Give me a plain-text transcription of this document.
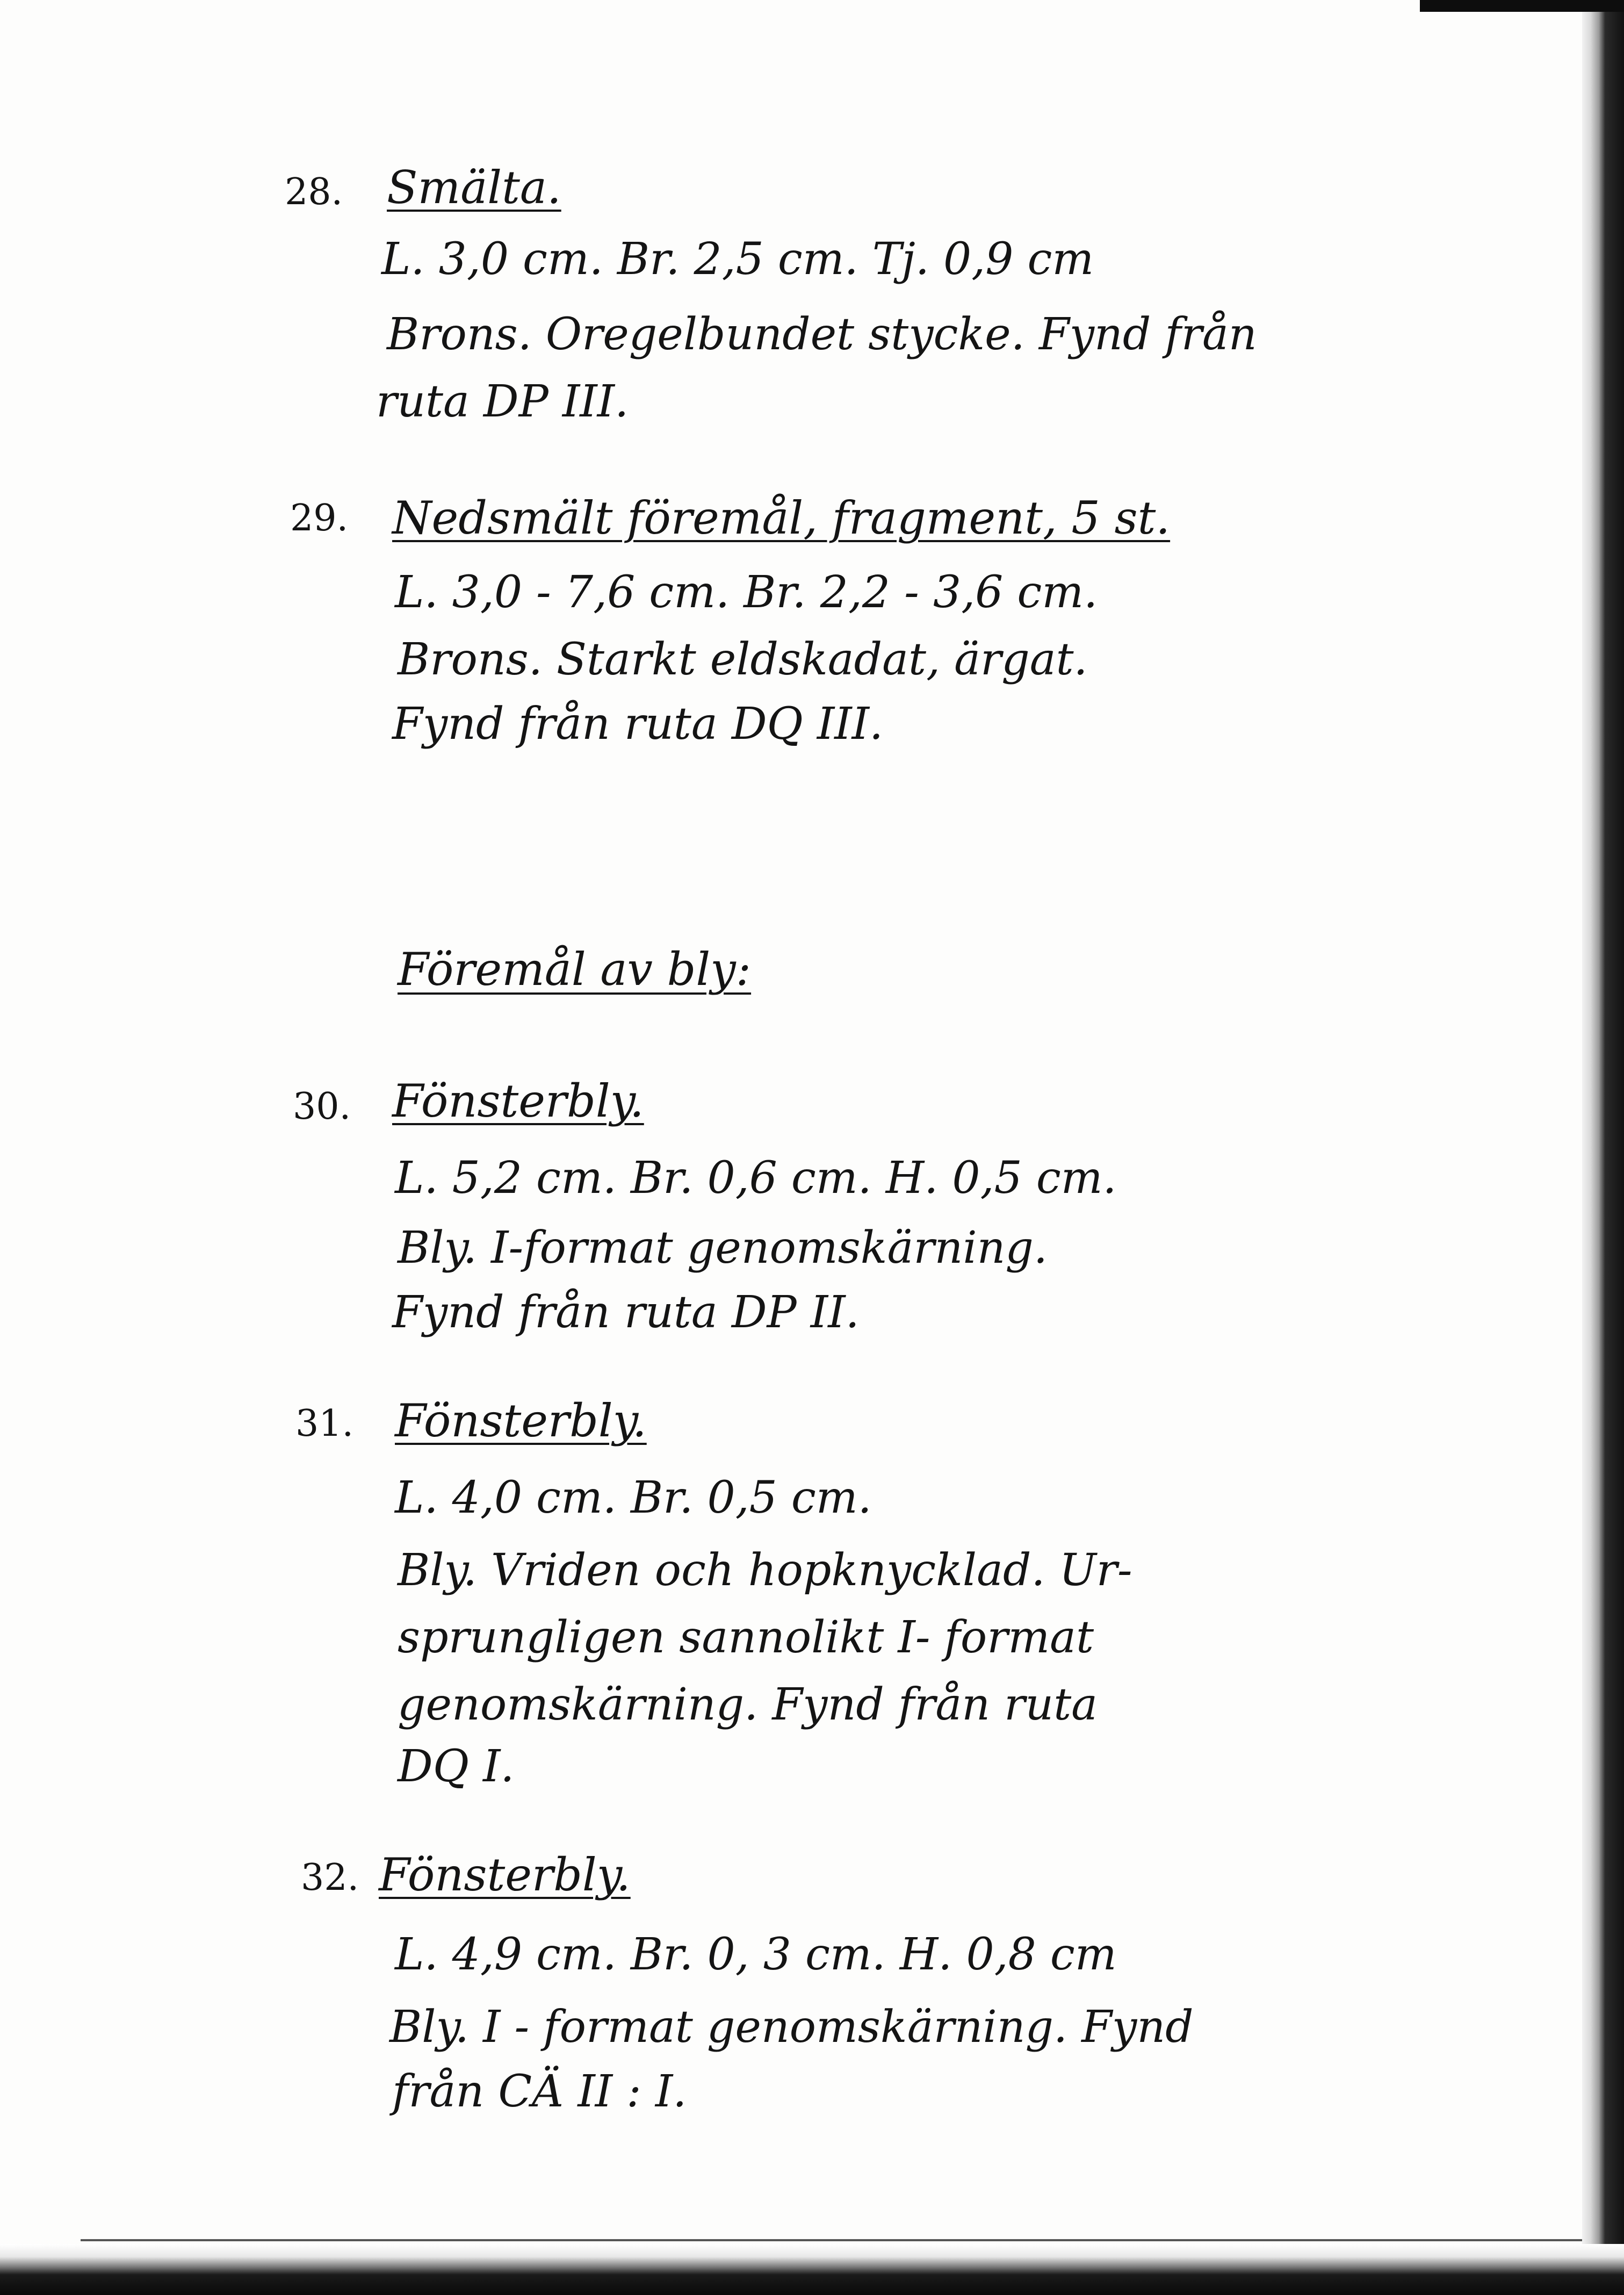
28. Smälta.
L. 3,0 cm. Br. 2,5 cm. Tj. 0,9 cm
Brons. Oregelbundet stycke. Fynd från
ruta DP III.
29. Nedsmält föremål, fragment, 5 st.
L. 3,0 - 7,6 cm. Br. 2,2 - 3,6 cm.
Brons. Starkt eldskadat, ärgat.
Fynd från ruta DQ III.
Föremål av bly:
30. Fönsterbly.
L. 5,2 cm. Br. 0,6 cm. H. 0,5 cm.
Bly. I-format genomskärning.
Fynd från ruta DP II.
31. Fönsterbly.
L. 4,0 cm. Br. 0,5 cm.
Bly. Vriden och hopknycklad. Ur-
sprungligen sannolikt I- format
genomskärning. Fynd från ruta
DQ I.
32. Fönsterbly.
L. 4,9 cm. Br. 0, 3 cm. H. 0,8 cm
Bly. I - format genomskärning. Fynd
från CÄ II : I.
